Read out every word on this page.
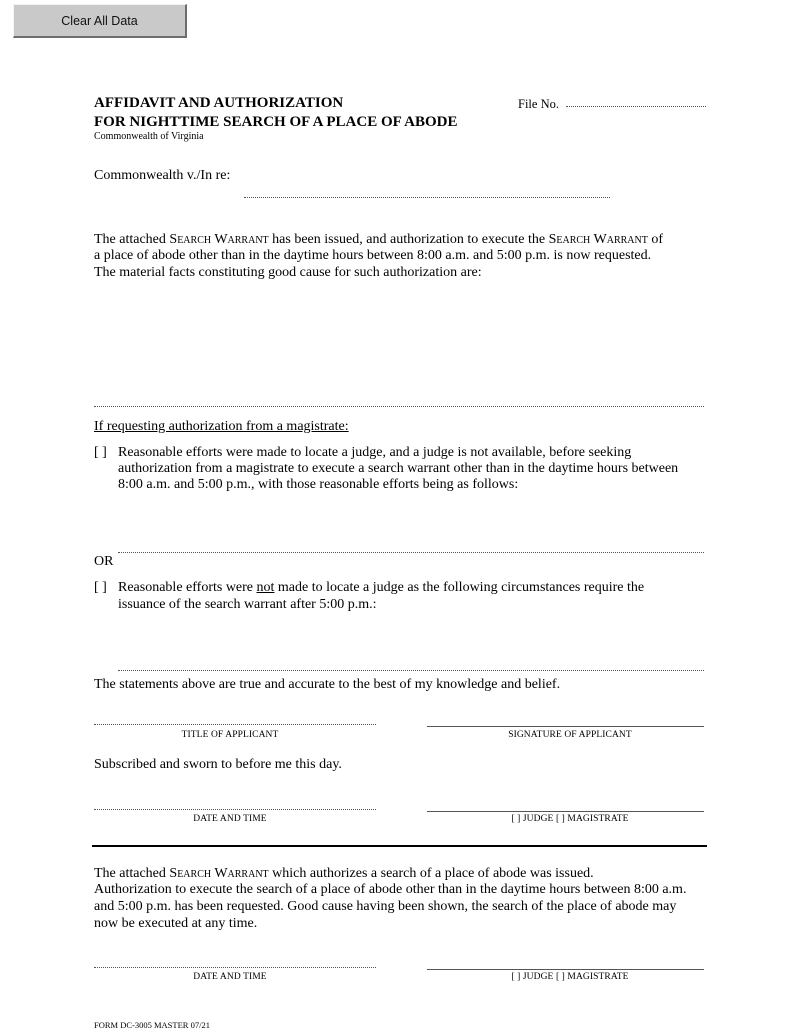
Clear All Data
AFFIDAVIT AND AUTHORIZATION
FOR NIGHTTIME SEARCH OF A PLACE OF ABODE
Commonwealth of Virginia
File No.
Commonwealth v./In re:
The attached Search Warrant has been issued, and authorization to execute the Search Warrant of
a place of abode other than in the daytime hours between 8:00 a.m. and 5:00 p.m. is now requested.
The material facts constituting good cause for such authorization are:
If requesting authorization from a magistrate:
[ ] Reasonable efforts were made to locate a judge, and a judge is not available, before seeking
authorization from a magistrate to execute a search warrant other than in the daytime hours between
8:00 a.m. and 5:00 p.m., with those reasonable efforts being as follows:
OR
[ ] Reasonable efforts were not made to locate a judge as the following circumstances require the
issuance of the search warrant after 5:00 p.m.:
The statements above are true and accurate to the best of my knowledge and belief.
TITLE OF APPLICANT	SIGNATURE OF APPLICANT
Subscribed and sworn to before me this day.
DATE AND TIME	[ ] JUDGE [ ] MAGISTRATE
The attached Search Warrant which authorizes a search of a place of abode was issued.
Authorization to execute the search of a place of abode other than in the daytime hours between 8:00 a.m.
and 5:00 p.m. has been requested. Good cause having been shown, the search of the place of abode may
now be executed at any time.
DATE AND TIME	[ ] JUDGE [ ] MAGISTRATE
FORM DC-3005 MASTER 07/21
